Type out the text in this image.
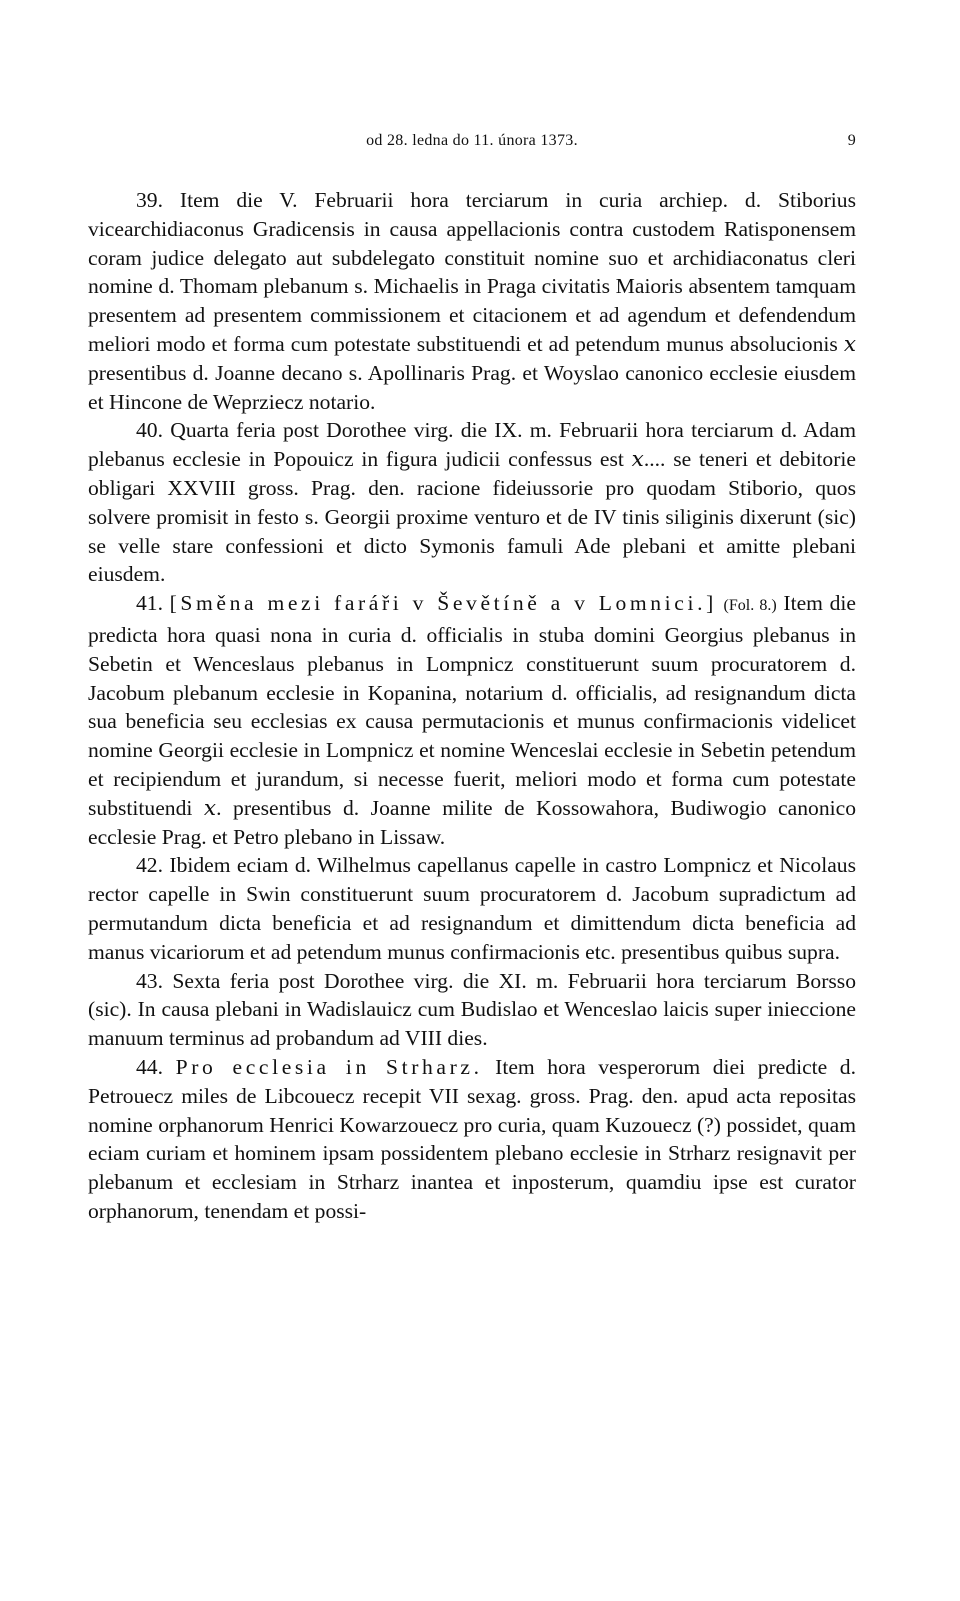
od 28. ledna do 11. února 1373.	9

39. Item die V. Februarii hora terciarum in curia archiep. d. Stiborius vicearchidiaconus Gradicensis in causa appellacionis contra custodem Ratisponensem coram judice delegato aut subdelegato constituit nomine suo et archidiaconatus cleri nomine d. Thomam plebanum s. Michaelis in Praga civitatis Maioris absentem tamquam presentem ad presentem commissionem et citacionem et ad agendum et defendendum meliori modo et forma cum potestate substituendi et ad petendum munus absolucionis 𝑥 presentibus d. Joanne decano s. Apollinaris Prag. et Woyslao canonico ecclesie eiusdem et Hincone de Weprziecz notario.

40. Quarta feria post Dorothee virg. die IX. m. Februarii hora terciarum d. Adam plebanus ecclesie in Popouicz in figura judicii confessus est 𝑥.... se teneri et debitorie obligari XXVIII gross. Prag. den. racione fideiussorie pro quodam Stiborio, quos solvere promisit in festo s. Georgii proxime venturo et de IV tinis siliginis dixerunt (sic) se velle stare confessioni et dicto Symonis famuli Ade plebani et amitte plebani eiusdem.

41. [Směna mezi faráři v Ševětíně a v Lomnici.] (Fol. 8.) Item die predicta hora quasi nona in curia d. officialis in stuba domini Georgius plebanus in Sebetin et Wenceslaus plebanus in Lompnicz constituerunt suum procuratorem d. Jacobum plebanum ecclesie in Kopanina, notarium d. officialis, ad resignandum dicta sua beneficia seu ecclesias ex causa permutacionis et munus confirmacionis videlicet nomine Georgii ecclesie in Lompnicz et nomine Wenceslai ecclesie in Sebetin petendum et recipiendum et jurandum, si necesse fuerit, meliori modo et forma cum potestate substituendi 𝑥. presentibus d. Joanne milite de Kossowahora, Budiwogio canonico ecclesie Prag. et Petro plebano in Lissaw.

42. Ibidem eciam d. Wilhelmus capellanus capelle in castro Lompnicz et Nicolaus rector capelle in Swin constituerunt suum procuratorem d. Jacobum supradictum ad permutandum dicta beneficia et ad resignandum et dimittendum dicta beneficia ad manus vicariorum et ad petendum munus confirmacionis etc. presentibus quibus supra.

43. Sexta feria post Dorothee virg. die XI. m. Februarii hora terciarum Borsso (sic). In causa plebani in Wadislauicz cum Budislao et Wenceslao laicis super inieccione manuum terminus ad probandum ad VIII dies.

44. Pro ecclesia in Strharz. Item hora vesperorum diei predicte d. Petrouecz miles de Libcouecz recepit VII sexag. gross. Prag. den. apud acta repositas nomine orphanorum Henrici Kowarzouecz pro curia, quam Kuzouecz (?) possidet, quam eciam curiam et hominem ipsam possidentem plebano ecclesie in Strharz resignavit per plebanum et ecclesiam in Strharz inantea et inposterum, quamdiu ipse est curator orphanorum, tenendam et possi-
